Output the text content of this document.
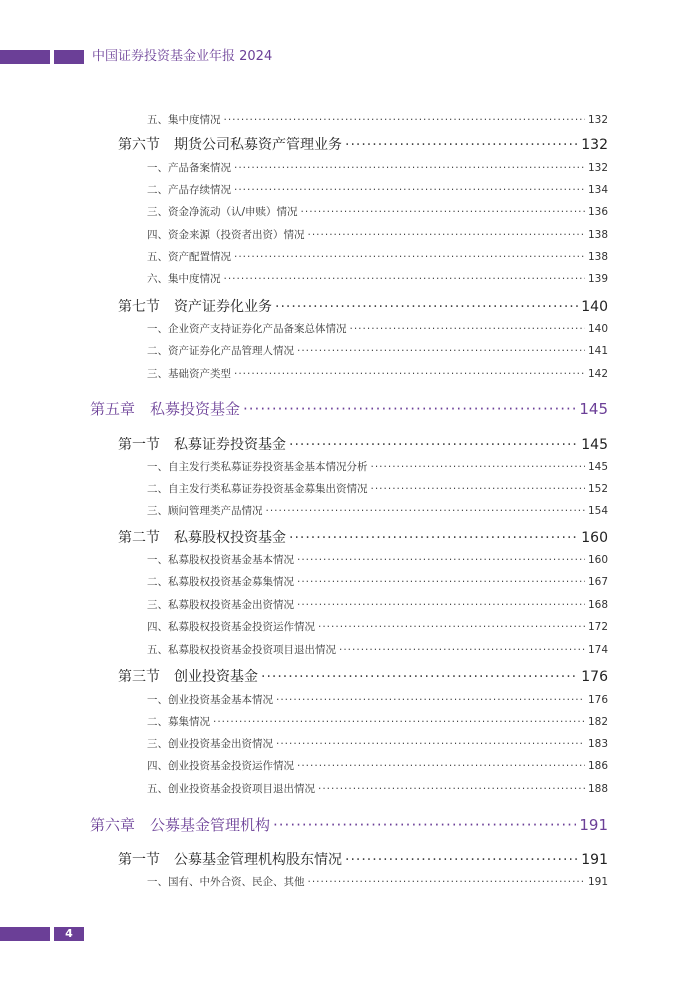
中国证券投资基金业年报 2024
五、集中度情况 ·····	132
第六节　期货公司私募资产管理业务 ·····	132
一、产品备案情况 ·····	132
二、产品存续情况 ·····	134
三、资金净流动（认/申赎）情况 ·····	136
四、资金来源（投资者出资）情况 ·····	138
五、资产配置情况 ·····	138
六、集中度情况 ·····	139
第七节　资产证券化业务 ·····	140
一、企业资产支持证券化产品备案总体情况 ·····	140
二、资产证券化产品管理人情况 ·····	141
三、基础资产类型 ·····	142
第五章　私募投资基金 ·····	145
第一节　私募证券投资基金 ·····	145
一、自主发行类私募证券投资基金基本情况分析 ·····	145
二、自主发行类私募证券投资基金募集出资情况 ·····	152
三、顾问管理类产品情况 ·····	154
第二节　私募股权投资基金 ·····	160
一、私募股权投资基金基本情况 ·····	160
二、私募股权投资基金募集情况 ·····	167
三、私募股权投资基金出资情况 ·····	168
四、私募股权投资基金投资运作情况 ·····	172
五、私募股权投资基金投资项目退出情况 ·····	174
第三节　创业投资基金 ·····	176
一、创业投资基金基本情况 ·····	176
二、募集情况 ·····	182
三、创业投资基金出资情况 ·····	183
四、创业投资基金投资运作情况 ·····	186
五、创业投资基金投资项目退出情况 ·····	188
第六章　公募基金管理机构 ·····	191
第一节　公募基金管理机构股东情况 ·····	191
一、国有、中外合资、民企、其他 ·····	191
4
